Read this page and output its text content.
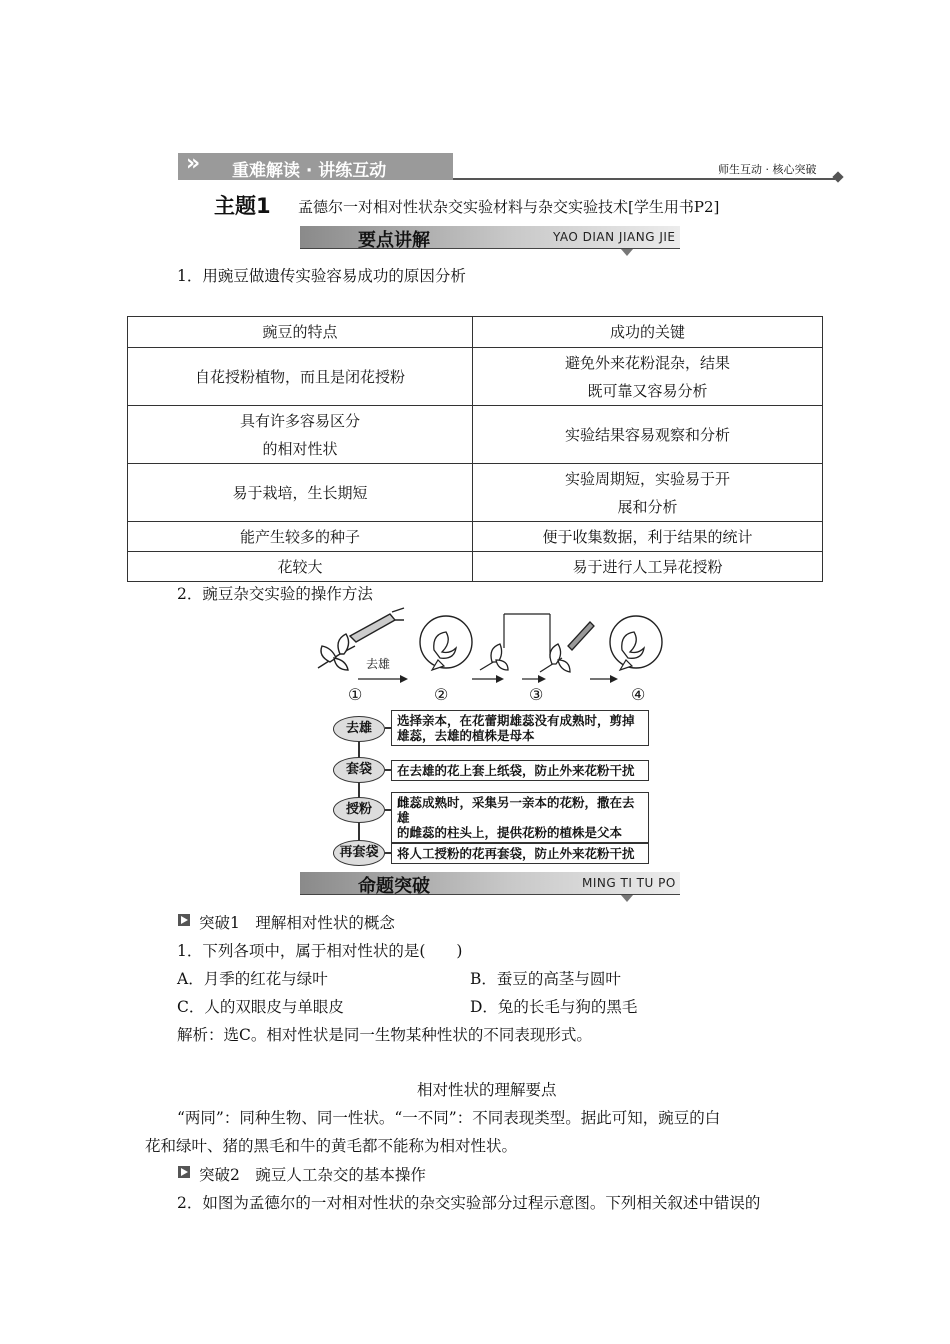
›› 重难解读 · 讲练互动	师生互动 · 核心突破
主题1 孟德尔一对相对性状杂交实验材料与杂交实验技术[学生用书P2]
要点讲解	YAO DIAN JIANG JIE
1．用豌豆做遗传实验容易成功的原因分析
豌豆的特点	成功的关键
自花授粉植物，而且是闭花授粉	避免外来花粉混杂，结果
既可靠又容易分析
具有许多容易区分
的相对性状	实验结果容易观察和分析
易于栽培，生长期短	实验周期短，实验易于开
展和分析
能产生较多的种子	便于收集数据，利于结果的统计
花较大	易于进行人工异花授粉
2．豌豆杂交实验的操作方法
去雄
①	②	③	④
去雄
选择亲本，在花蕾期雄蕊没有成熟时，剪掉
雄蕊，去雄的植株是母本
套袋	在去雄的花上套上纸袋，防止外来花粉干扰
授粉	雌蕊成熟时，采集另一亲本的花粉，撒在去雄
的雌蕊的柱头上，提供花粉的植株是父本
再套袋	将人工授粉的花再套袋，防止外来花粉干扰
命题突破	MING TI TU PO
突破1　理解相对性状的概念
1．下列各项中，属于相对性状的是(　　)
A．月季的红花与绿叶	B．蚕豆的高茎与圆叶
C．人的双眼皮与单眼皮	D．兔的长毛与狗的黑毛
解析：选C。相对性状是同一生物某种性状的不同表现形式。
相对性状的理解要点
“两同”：同种生物、同一性状。“一不同”：不同表现类型。据此可知，豌豆的白
花和绿叶、猪的黑毛和牛的黄毛都不能称为相对性状。
突破2　豌豆人工杂交的基本操作
2．如图为孟德尔的一对相对性状的杂交实验部分过程示意图。下列相关叙述中错误的
